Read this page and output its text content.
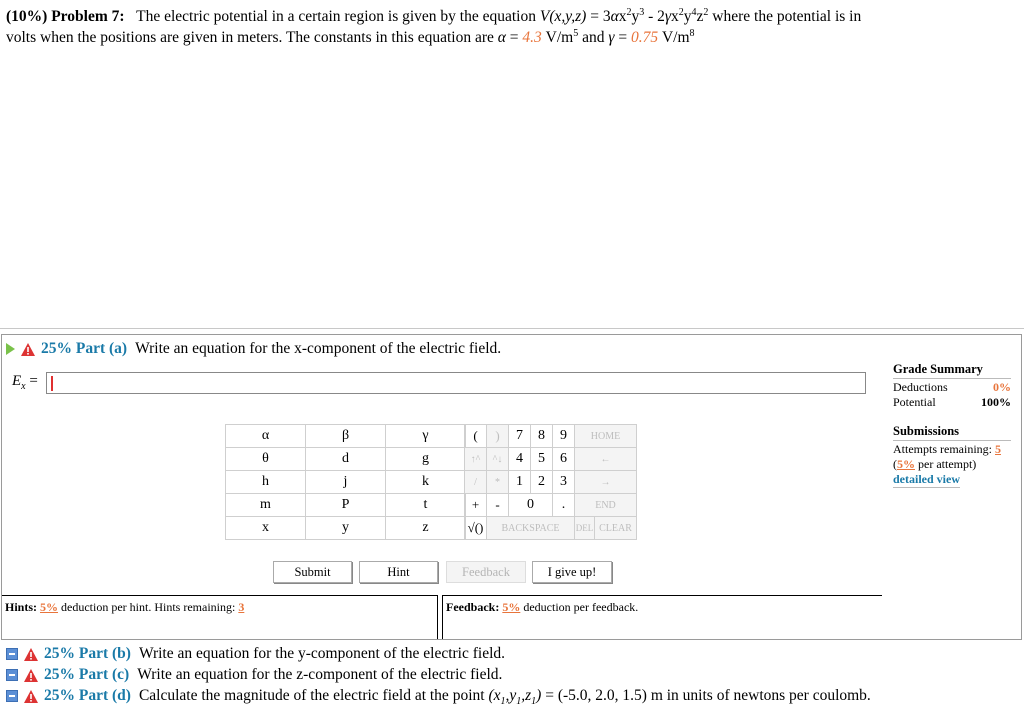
(10%) Problem 7: The electric potential in a certain region is given by the equation $V(x,y,z) = 3\alpha x^2y^3 - 2\gamma x^2y^4z^2$ where the potential is in
volts when the positions are given in meters. The constants in this equation are α = 4.3 $V/m^5$ and γ = 0.75 $V/m^8$
25% Part (a) Write an equation for the x-component of the electric field.
$E_x$ =
Grade Summary
Deductions	0%
Potential	100%
Submissions
Attempts remaining: 5
(5% per attempt)
detailed view
α	β	γ
θ	d	g
h	j	k
m	P	t
x	y	z
(	)	7	8	9	HOME	
↑^	^↓	4	5	6	←	
/	*	1	2	3	→	
+	-	0		.	END	
√()	BACKSPACE				DEL	CLEAR
Submit	Hint	Feedback	I give up!
Hints: 5% deduction per hint. Hints remaining: 3	Feedback: 5% deduction per feedback.
25% Part (b) Write an equation for the y-component of the electric field.
25% Part (c) Write an equation for the z-component of the electric field.
25% Part (d) Calculate the magnitude of the electric field at the point
$(x_1,y_1,z_1)$
= (-5.0, 2.0, 1.5) m in units of newtons per coulomb.
